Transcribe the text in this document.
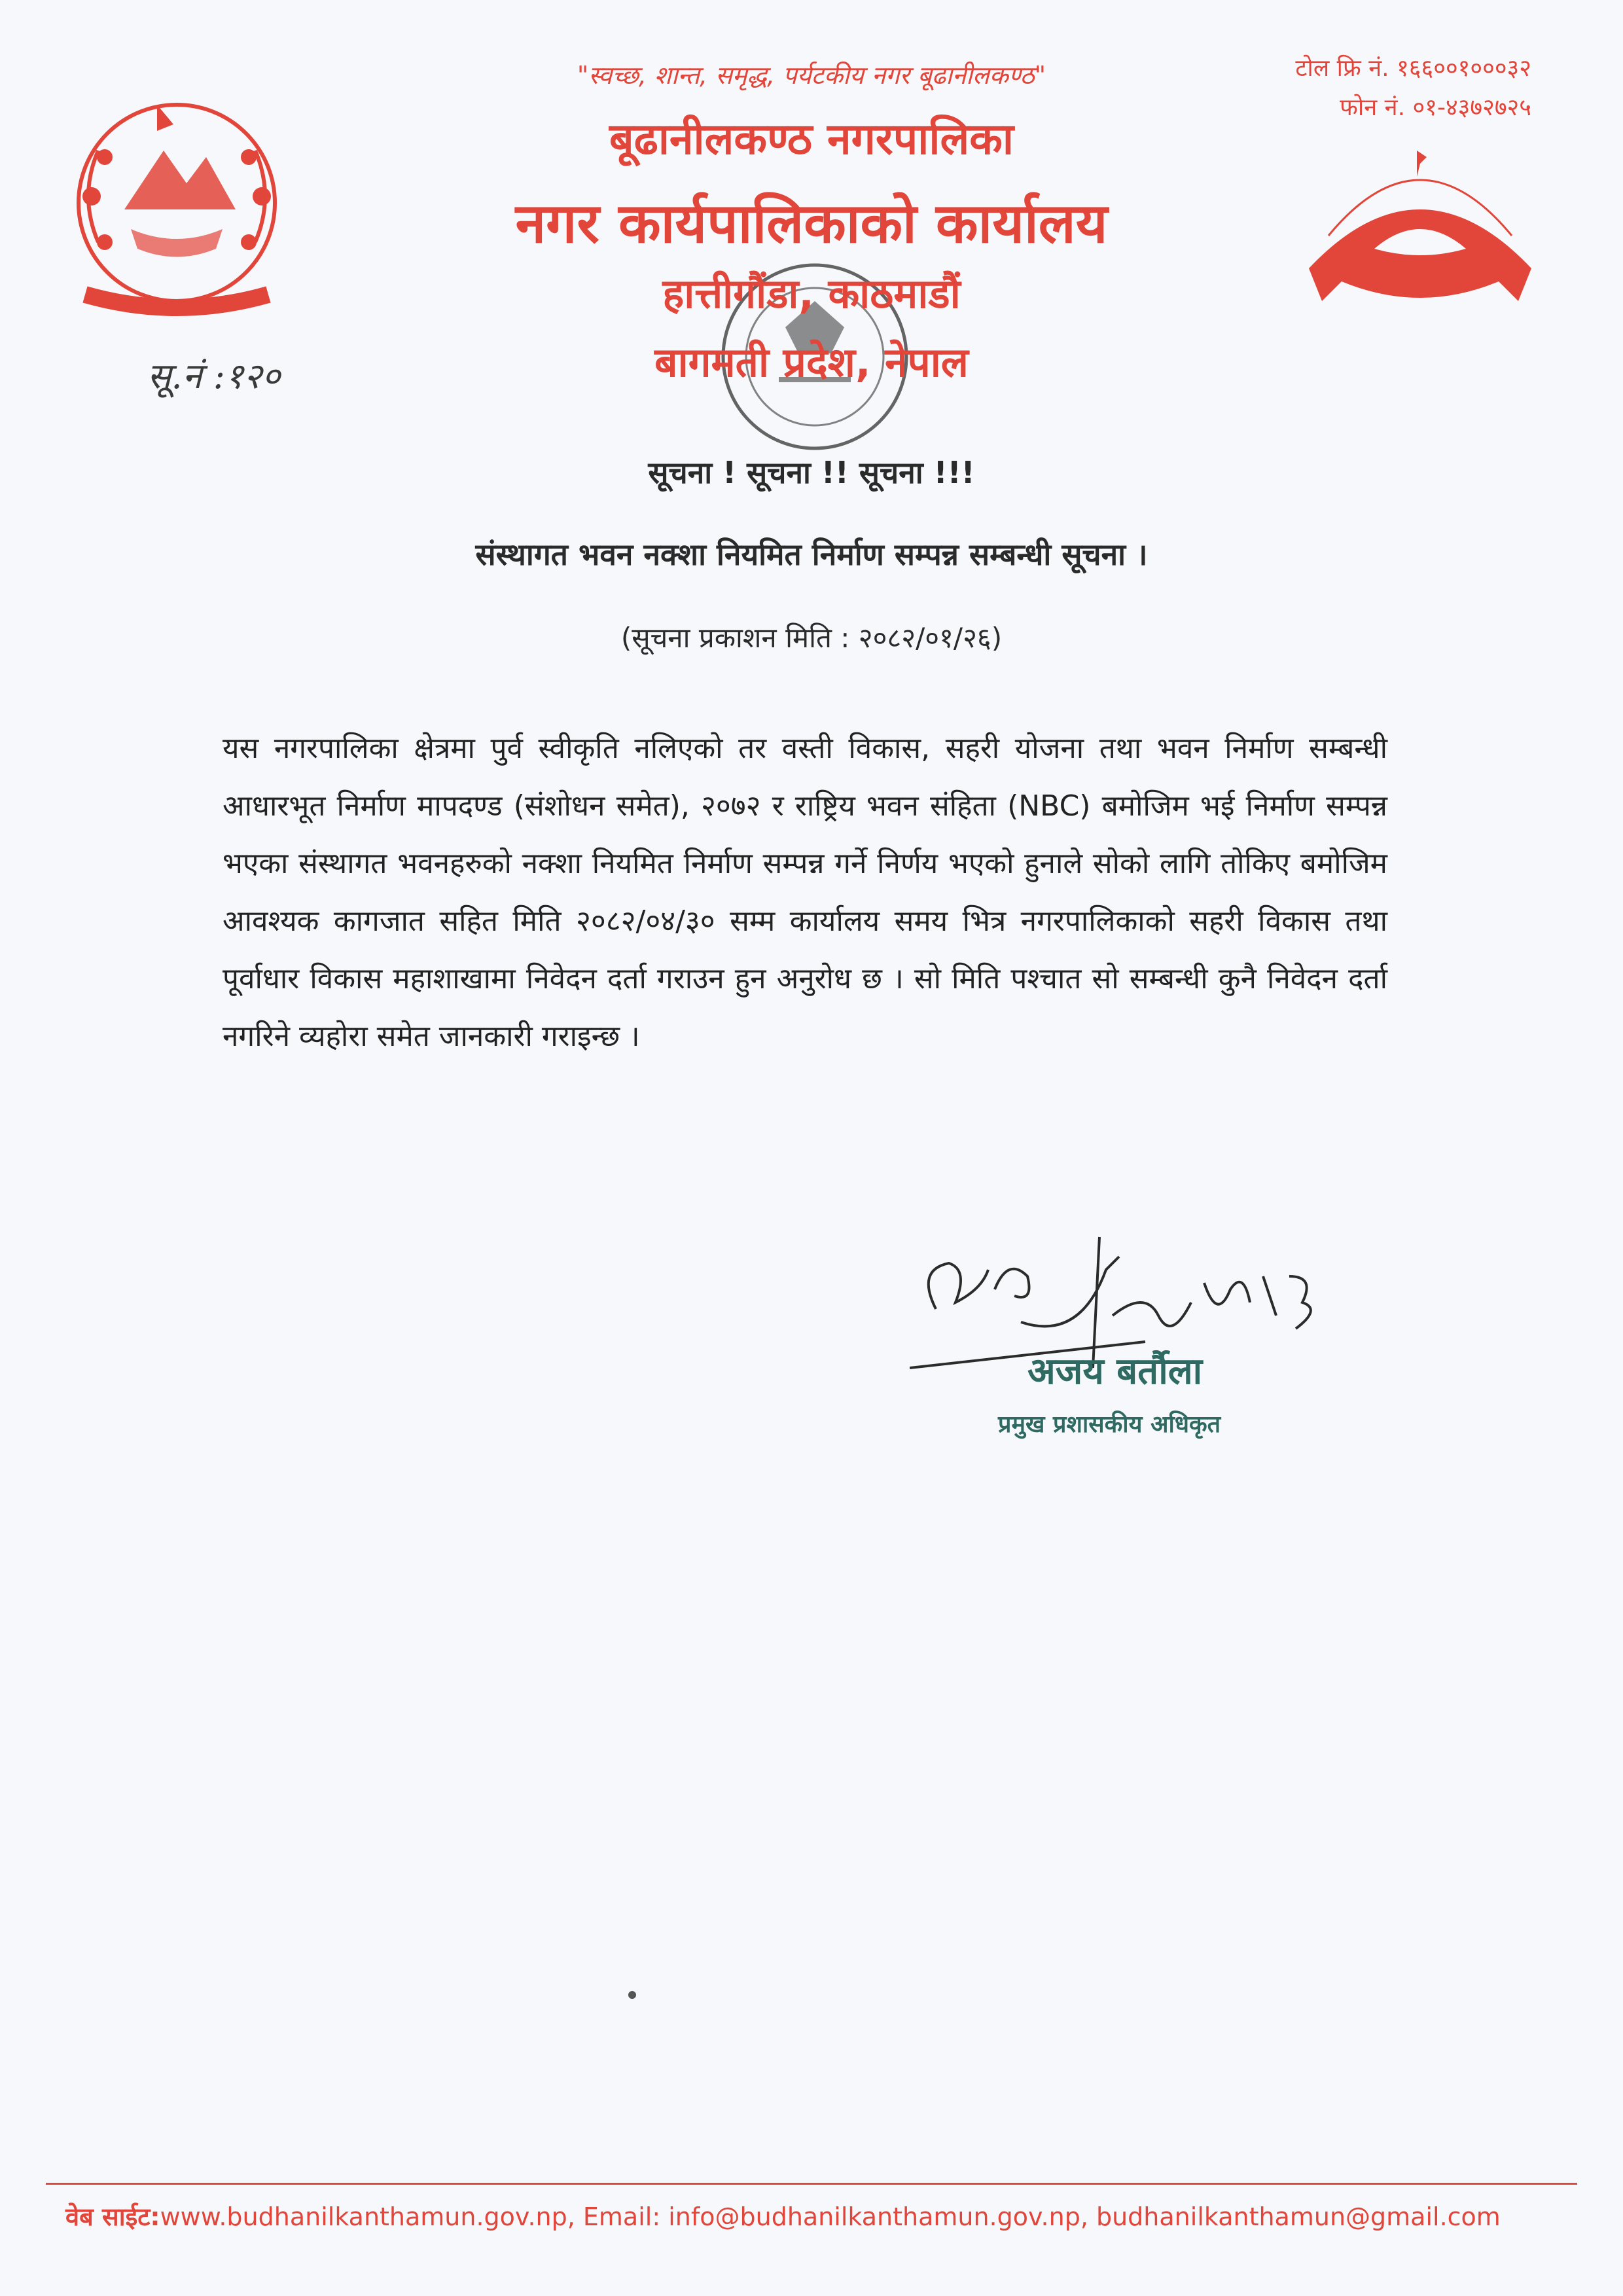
"स्वच्छ, शान्त, समृद्ध, पर्यटकीय नगर बूढानीलकण्ठ"
बूढानीलकण्ठ नगरपालिका
नगर कार्यपालिकाको कार्यालय
हात्तीगौंडा, काठमाडौं
बागमती प्रदेश, नेपाल
टोल फ्रि नं. १६६००१०००३२
फोन नं. ०१-४३७२७२५
सू.नं :१२०
सूचना ! सूचना !! सूचना !!!
संस्थागत भवन नक्शा नियमित निर्माण सम्पन्न सम्बन्धी सूचना ।
(सूचना प्रकाशन मिति : २०८२/०१/२६)
यस नगरपालिका क्षेत्रमा पुर्व स्वीकृति नलिएको तर वस्ती विकास, सहरी योजना तथा भवन निर्माण सम्बन्धी आधारभूत निर्माण मापदण्ड (संशोधन समेत), २०७२ र राष्ट्रिय भवन संहिता (NBC) बमोजिम भई निर्माण सम्पन्न भएका संस्थागत भवनहरुको नक्शा नियमित निर्माण सम्पन्न गर्ने निर्णय भएको हुनाले सोको लागि तोकिए बमोजिम आवश्यक कागजात सहित मिति २०८२/०४/३० सम्म कार्यालय समय भित्र नगरपालिकाको सहरी विकास तथा पूर्वाधार विकास महाशाखामा निवेदन दर्ता गराउन हुन अनुरोध छ । सो मिति पश्चात सो सम्बन्धी कुनै निवेदन दर्ता नगरिने व्यहोरा समेत जानकारी गराइन्छ ।
अजय बर्तौला
प्रमुख प्रशासकीय अधिकृत
वेब साईट:www.budhanilkanthamun.gov.np, Email: info@budhanilkanthamun.gov.np, budhanilkanthamun@gmail.com
